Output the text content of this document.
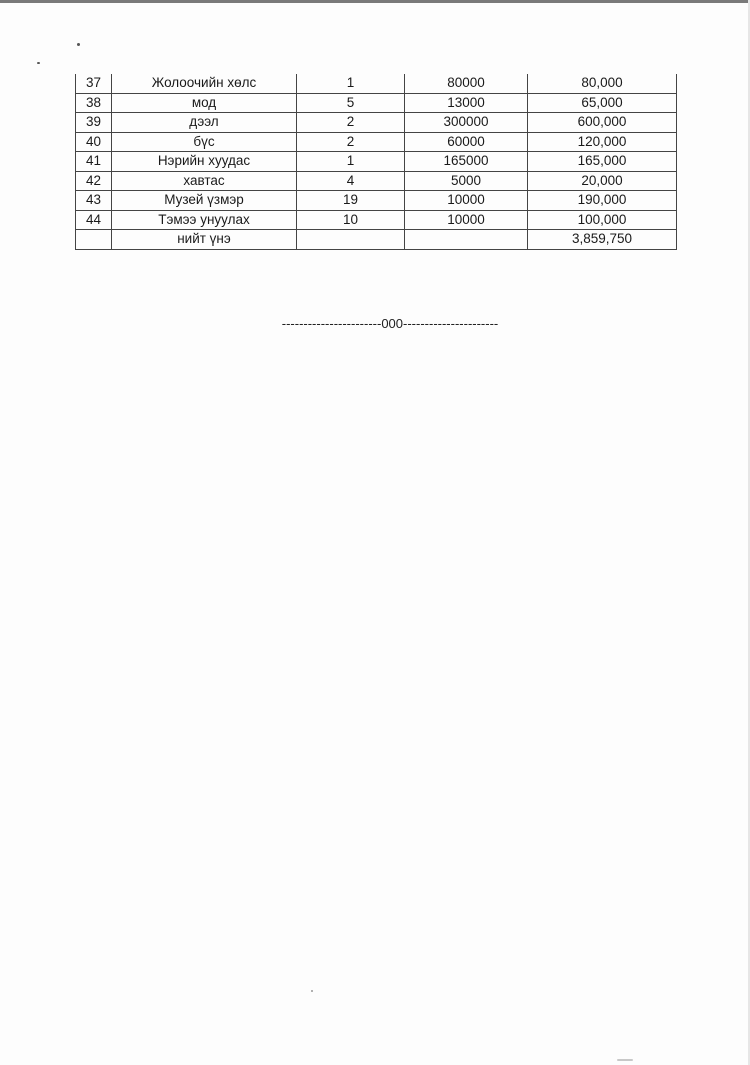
37	Жолоочийн хөлс	1	80000	80,000
38	мод	5	13000	65,000
39	дээл	2	300000	600,000
40	бүс	2	60000	120,000
41	Нэрийн хуудас	1	165000	165,000
42	хавтас	4	5000	20,000
43	Музей үзмэр	19	10000	190,000
44	Тэмээ унуулах	10	10000	100,000
	нийт үнэ			3,859,750
-----------------------000----------------------
